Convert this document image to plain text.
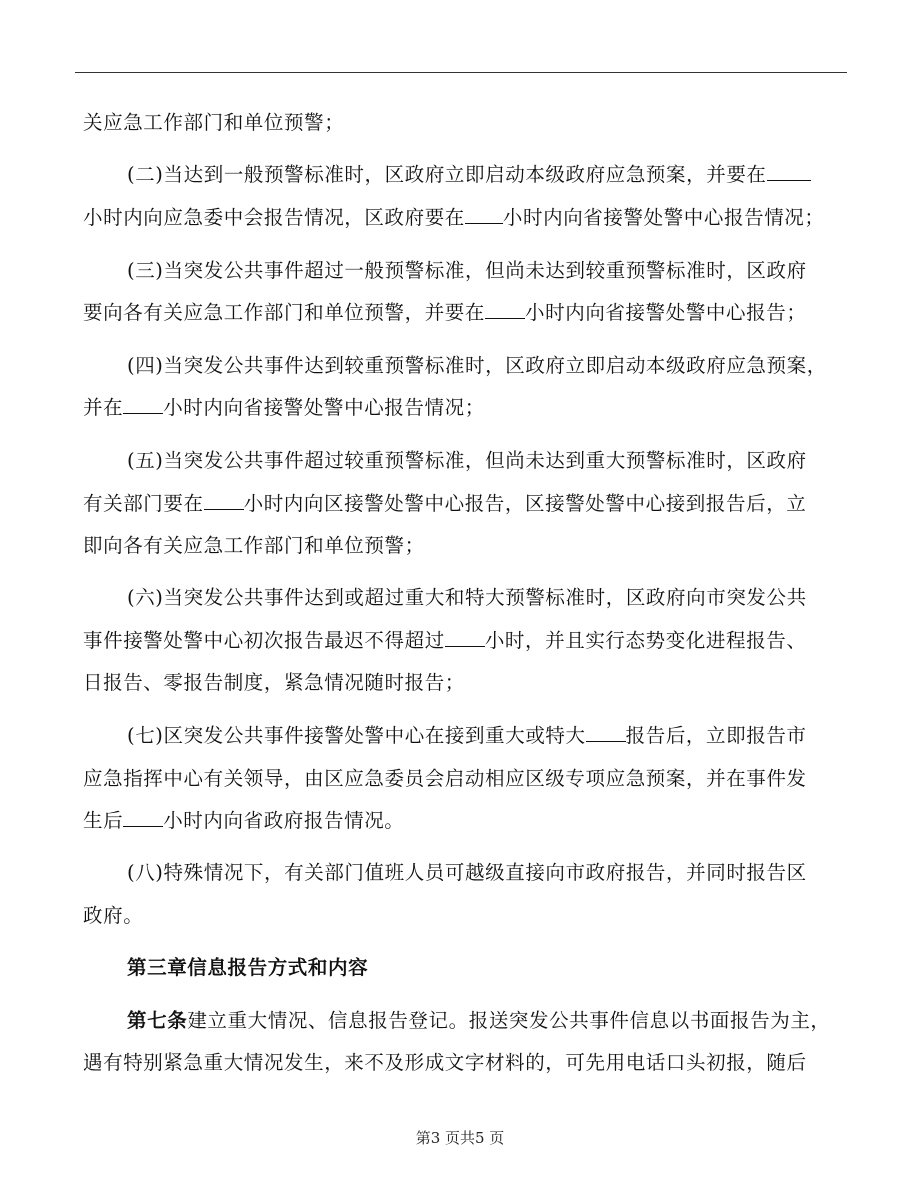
关应急工作部门和单位预警；
(二)当达到一般预警标准时，区政府立即启动本级政府应急预案，并要在
小时内向应急委中会报告情况，区政府要在 小时内向省接警处警中心报告情况；
(三)当突发公共事件超过一般预警标准，但尚未达到较重预警标准时，区政府
要向各有关应急工作部门和单位预警，并要在 小时内向省接警处警中心报告；
(四)当突发公共事件达到较重预警标准时，区政府立即启动本级政府应急预案，
并在 小时内向省接警处警中心报告情况；
(五)当突发公共事件超过较重预警标准，但尚未达到重大预警标准时，区政府
有关部门要在 小时内向区接警处警中心报告，区接警处警中心接到报告后，立
即向各有关应急工作部门和单位预警；
(六)当突发公共事件达到或超过重大和特大预警标准时，区政府向市突发公共
事件接警处警中心初次报告最迟不得超过 小时，并且实行态势变化进程报告、
日报告、零报告制度，紧急情况随时报告；
(七)区突发公共事件接警处警中心在接到重大或特大 报告后，立即报告市
应急指挥中心有关领导，由区应急委员会启动相应区级专项应急预案，并在事件发
生后 小时内向省政府报告情况。
(八)特殊情况下，有关部门值班人员可越级直接向市政府报告，并同时报告区
政府。
第三章信息报告方式和内容
第七条建立重大情况、信息报告登记。报送突发公共事件信息以书面报告为主，
遇有特别紧急重大情况发生，来不及形成文字材料的，可先用电话口头初报，随后
第3 页共5 页
